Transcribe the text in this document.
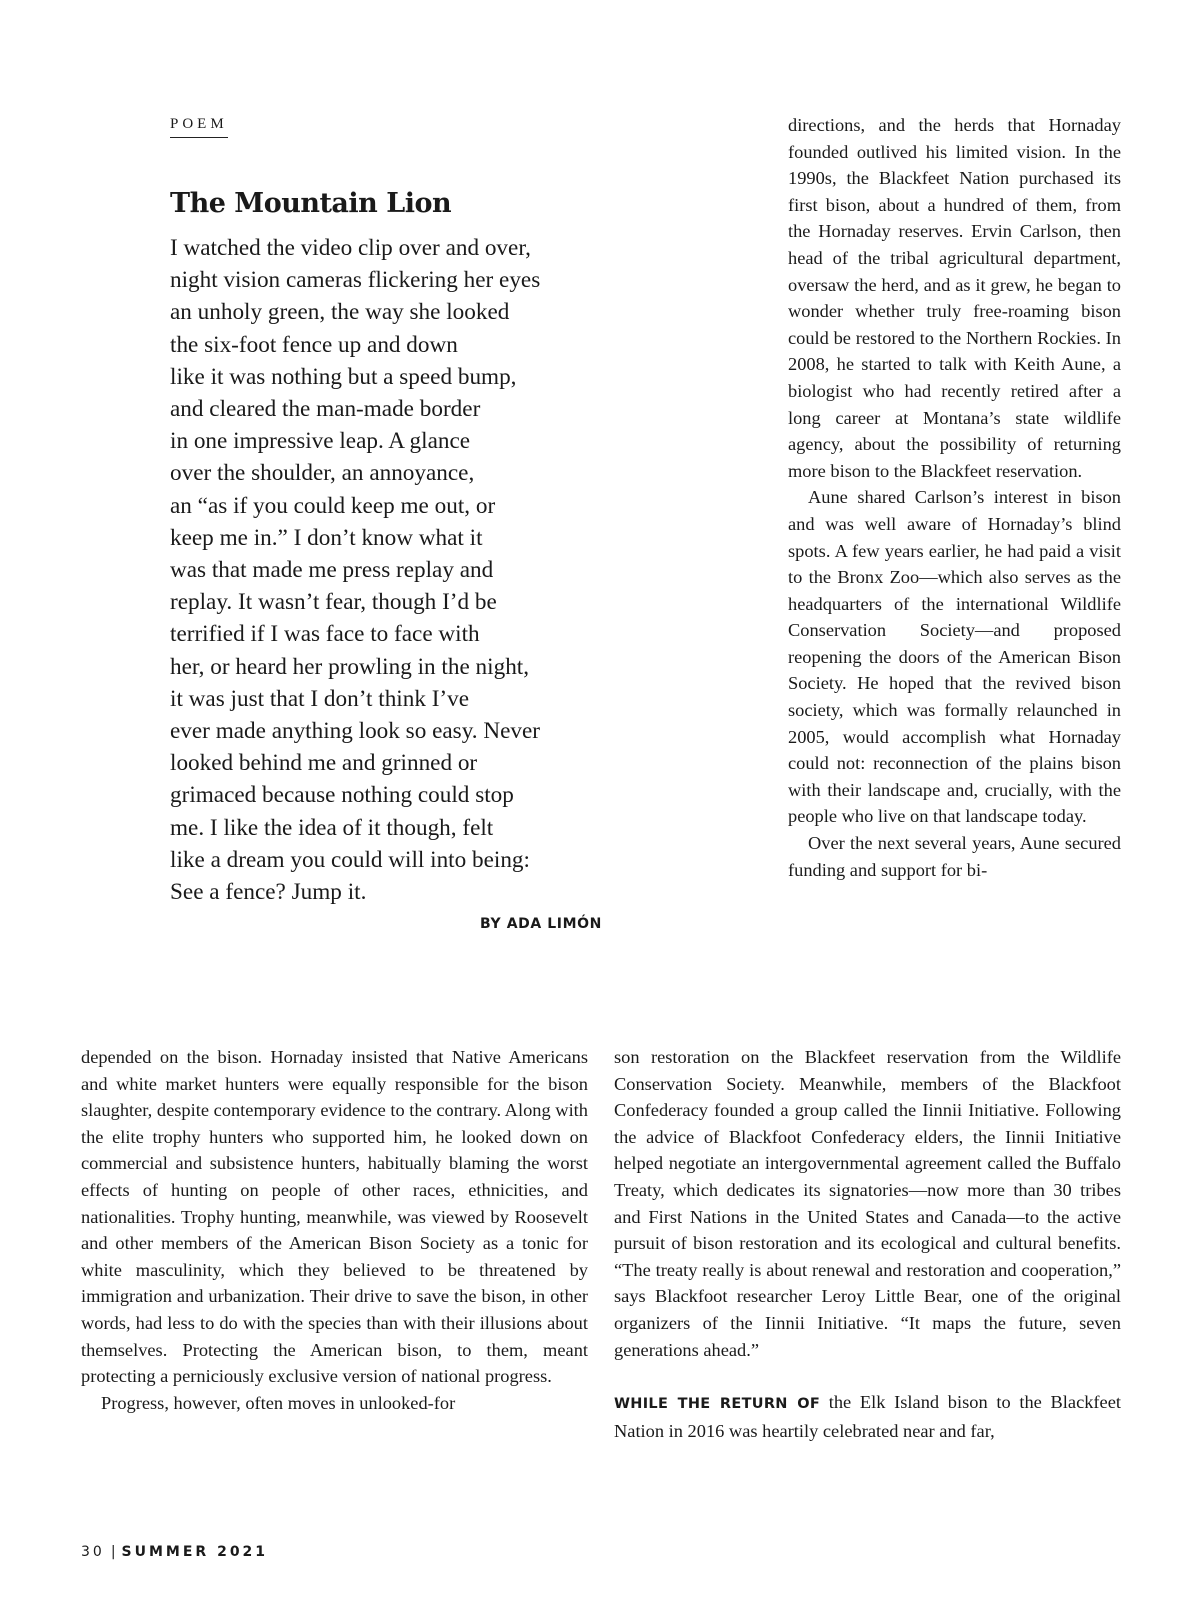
POEM
The Mountain Lion
I watched the video clip over and over,
night vision cameras flickering her eyes
an unholy green, the way she looked
the six-foot fence up and down
like it was nothing but a speed bump,
and cleared the man-made border
in one impressive leap. A glance
over the shoulder, an annoyance,
an “as if you could keep me out, or
keep me in.” I don’t know what it
was that made me press replay and
replay. It wasn’t fear, though I’d be
terrified if I was face to face with
her, or heard her prowling in the night,
it was just that I don’t think I’ve
ever made anything look so easy. Never
looked behind me and grinned or
grimaced because nothing could stop
me. I like the idea of it though, felt
like a dream you could will into being:
See a fence? Jump it.
BY ADA LIMÓN

directions, and the herds that Hornaday founded outlived his limited vision. In the 1990s, the Blackfeet Nation purchased its first bison, about a hundred of them, from the Hornaday reserves. Ervin Carlson, then head of the tribal agricultural department, oversaw the herd, and as it grew, he began to wonder whether truly free-roaming bison could be restored to the Northern Rockies. In 2008, he started to talk with Keith Aune, a biologist who had recently retired after a long career at Montana’s state wildlife agency, about the possibility of returning more bison to the Blackfeet reservation.

Aune shared Carlson’s interest in bison and was well aware of Hornaday’s blind spots. A few years earlier, he had paid a visit to the Bronx Zoo—which also serves as the headquarters of the international Wildlife Conservation Society—and proposed reopening the doors of the American Bison Society. He hoped that the revived bison society, which was formally relaunched in 2005, would accomplish what Hornaday could not: reconnection of the plains bison with their landscape and, crucially, with the people who live on that landscape today.

Over the next several years, Aune secured funding and support for bi-

depended on the bison. Hornaday insisted that Native Americans and white market hunters were equally responsible for the bison slaughter, despite contemporary evidence to the contrary. Along with the elite trophy hunters who supported him, he looked down on commercial and subsistence hunters, habitually blaming the worst effects of hunting on people of other races, ethnicities, and nationalities. Trophy hunting, meanwhile, was viewed by Roosevelt and other members of the American Bison Society as a tonic for white masculinity, which they believed to be threatened by immigration and urbanization. Their drive to save the bison, in other words, had less to do with the species than with their illusions about themselves. Protecting the American bison, to them, meant protecting a perniciously exclusive version of national progress.

Progress, however, often moves in unlooked-for

son restoration on the Blackfeet reservation from the Wildlife Conservation Society. Meanwhile, members of the Blackfoot Confederacy founded a group called the Iinnii Initiative. Following the advice of Blackfoot Confederacy elders, the Iinnii Initiative helped negotiate an intergovernmental agreement called the Buffalo Treaty, which dedicates its signatories—now more than 30 tribes and First Nations in the United States and Canada—to the active pursuit of bison restoration and its ecological and cultural benefits. “The treaty really is about renewal and restoration and cooperation,” says Blackfoot researcher Leroy Little Bear, one of the original organizers of the Iinnii Initiative. “It maps the future, seven generations ahead.”

WHILE THE RETURN OF the Elk Island bison to the Blackfeet Nation in 2016 was heartily celebrated near and far,

30 | SUMMER 2021
